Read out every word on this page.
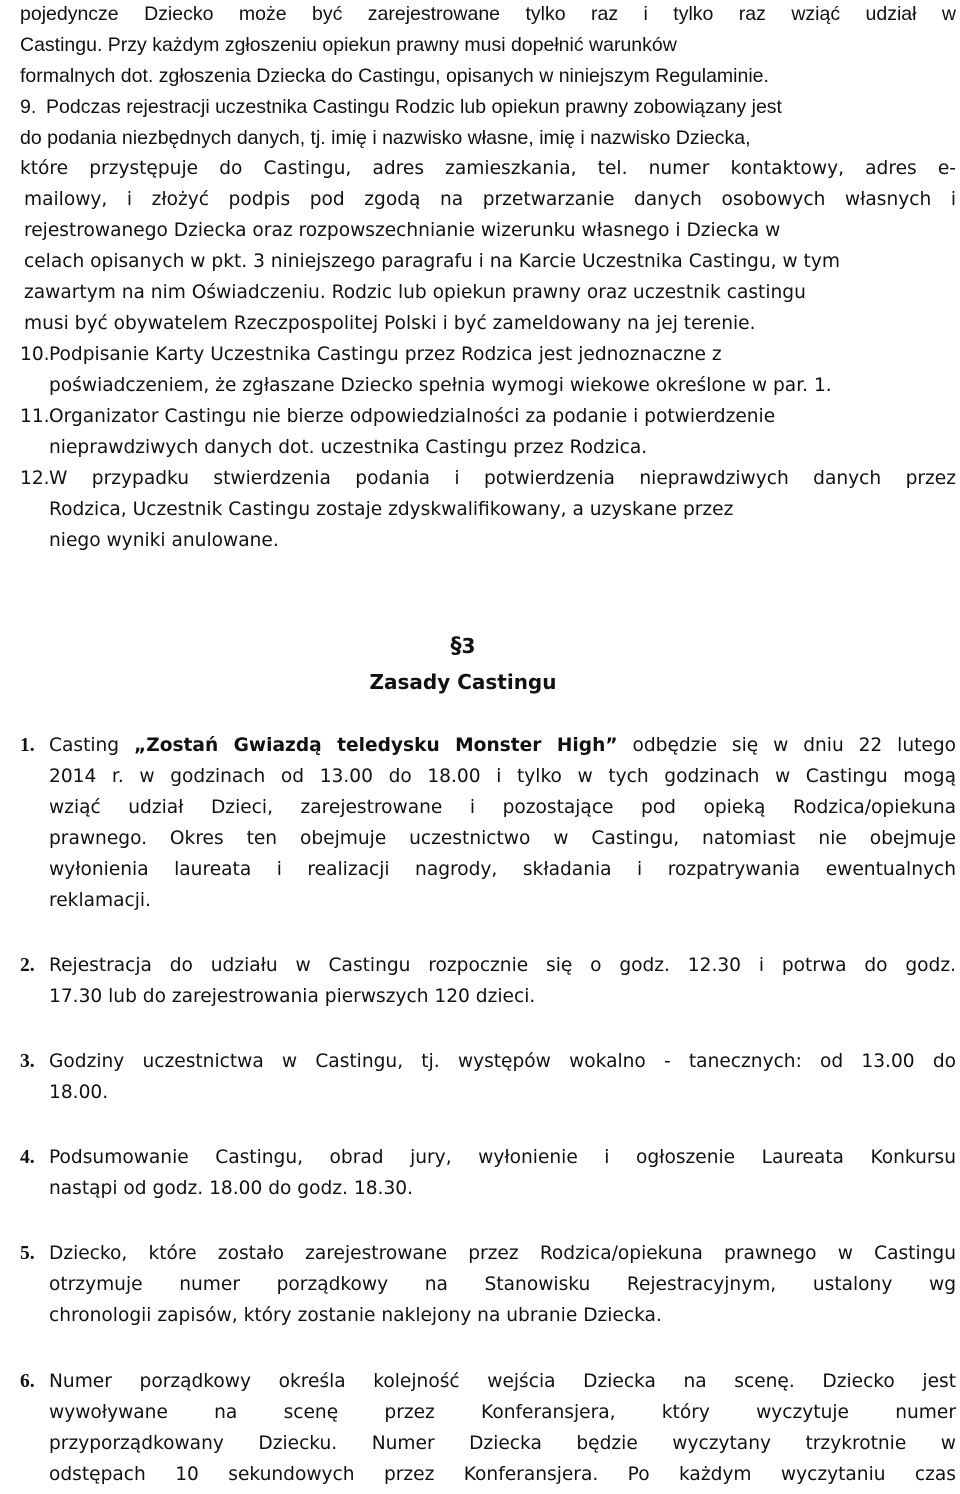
pojedyncze Dziecko może być zarejestrowane tylko raz i tylko raz wziąć udział w
Castingu. Przy każdym zgłoszeniu opiekun prawny musi dopełnić warunków
formalnych dot. zgłoszenia Dziecka do Castingu, opisanych w niniejszym Regulaminie.
9. Podczas rejestracji uczestnika Castingu Rodzic lub opiekun prawny zobowiązany jest
do podania niezbędnych danych, tj. imię i nazwisko własne, imię i nazwisko Dziecka,
które przystępuje do Castingu, adres zamieszkania, tel. numer kontaktowy, adres e-
mailowy, i złożyć podpis pod zgodą na przetwarzanie danych osobowych własnych i
rejestrowanego Dziecka oraz rozpowszechnianie wizerunku własnego i Dziecka w
celach opisanych w pkt. 3 niniejszego paragrafu i na Karcie Uczestnika Castingu, w tym
zawartym na nim Oświadczeniu. Rodzic lub opiekun prawny oraz uczestnik castingu
musi być obywatelem Rzeczpospolitej Polski i być zameldowany na jej terenie.
10. Podpisanie Karty Uczestnika Castingu przez Rodzica jest jednoznaczne z
poświadczeniem, że zgłaszane Dziecko spełnia wymogi wiekowe określone w par. 1.
11. Organizator Castingu nie bierze odpowiedzialności za podanie i potwierdzenie
nieprawdziwych danych dot. uczestnika Castingu przez Rodzica.
12. W przypadku stwierdzenia podania i potwierdzenia nieprawdziwych danych przez
Rodzica, Uczestnik Castingu zostaje zdyskwalifikowany, a uzyskane przez
niego wyniki anulowane.
§3
Zasady Castingu
1. Casting „Zostań Gwiazdą teledysku Monster High” odbędzie się w dniu 22 lutego
2014 r. w godzinach od 13.00 do 18.00 i tylko w tych godzinach w Castingu mogą
wziąć udział Dzieci, zarejestrowane i pozostające pod opieką Rodzica/opiekuna
prawnego. Okres ten obejmuje uczestnictwo w Castingu, natomiast nie obejmuje
wyłonienia laureata i realizacji nagrody, składania i rozpatrywania ewentualnych
reklamacji.
2. Rejestracja do udziału w Castingu rozpocznie się o godz. 12.30 i potrwa do godz.
17.30 lub do zarejestrowania pierwszych 120 dzieci.
3. Godziny uczestnictwa w Castingu, tj. występów wokalno - tanecznych: od 13.00 do
18.00.
4. Podsumowanie Castingu, obrad jury, wyłonienie i ogłoszenie Laureata Konkursu
nastąpi od godz. 18.00 do godz. 18.30.
5. Dziecko, które zostało zarejestrowane przez Rodzica/opiekuna prawnego w Castingu
otrzymuje numer porządkowy na Stanowisku Rejestracyjnym, ustalony wg
chronologii zapisów, który zostanie naklejony na ubranie Dziecka.
6. Numer porządkowy określa kolejność wejścia Dziecka na scenę. Dziecko jest
wywoływane na scenę przez Konferansjera, który wyczytuje numer
przyporządkowany Dziecku. Numer Dziecka będzie wyczytany trzykrotnie w
odstępach 10 sekundowych przez Konferansjera. Po każdym wyczytaniu czas
